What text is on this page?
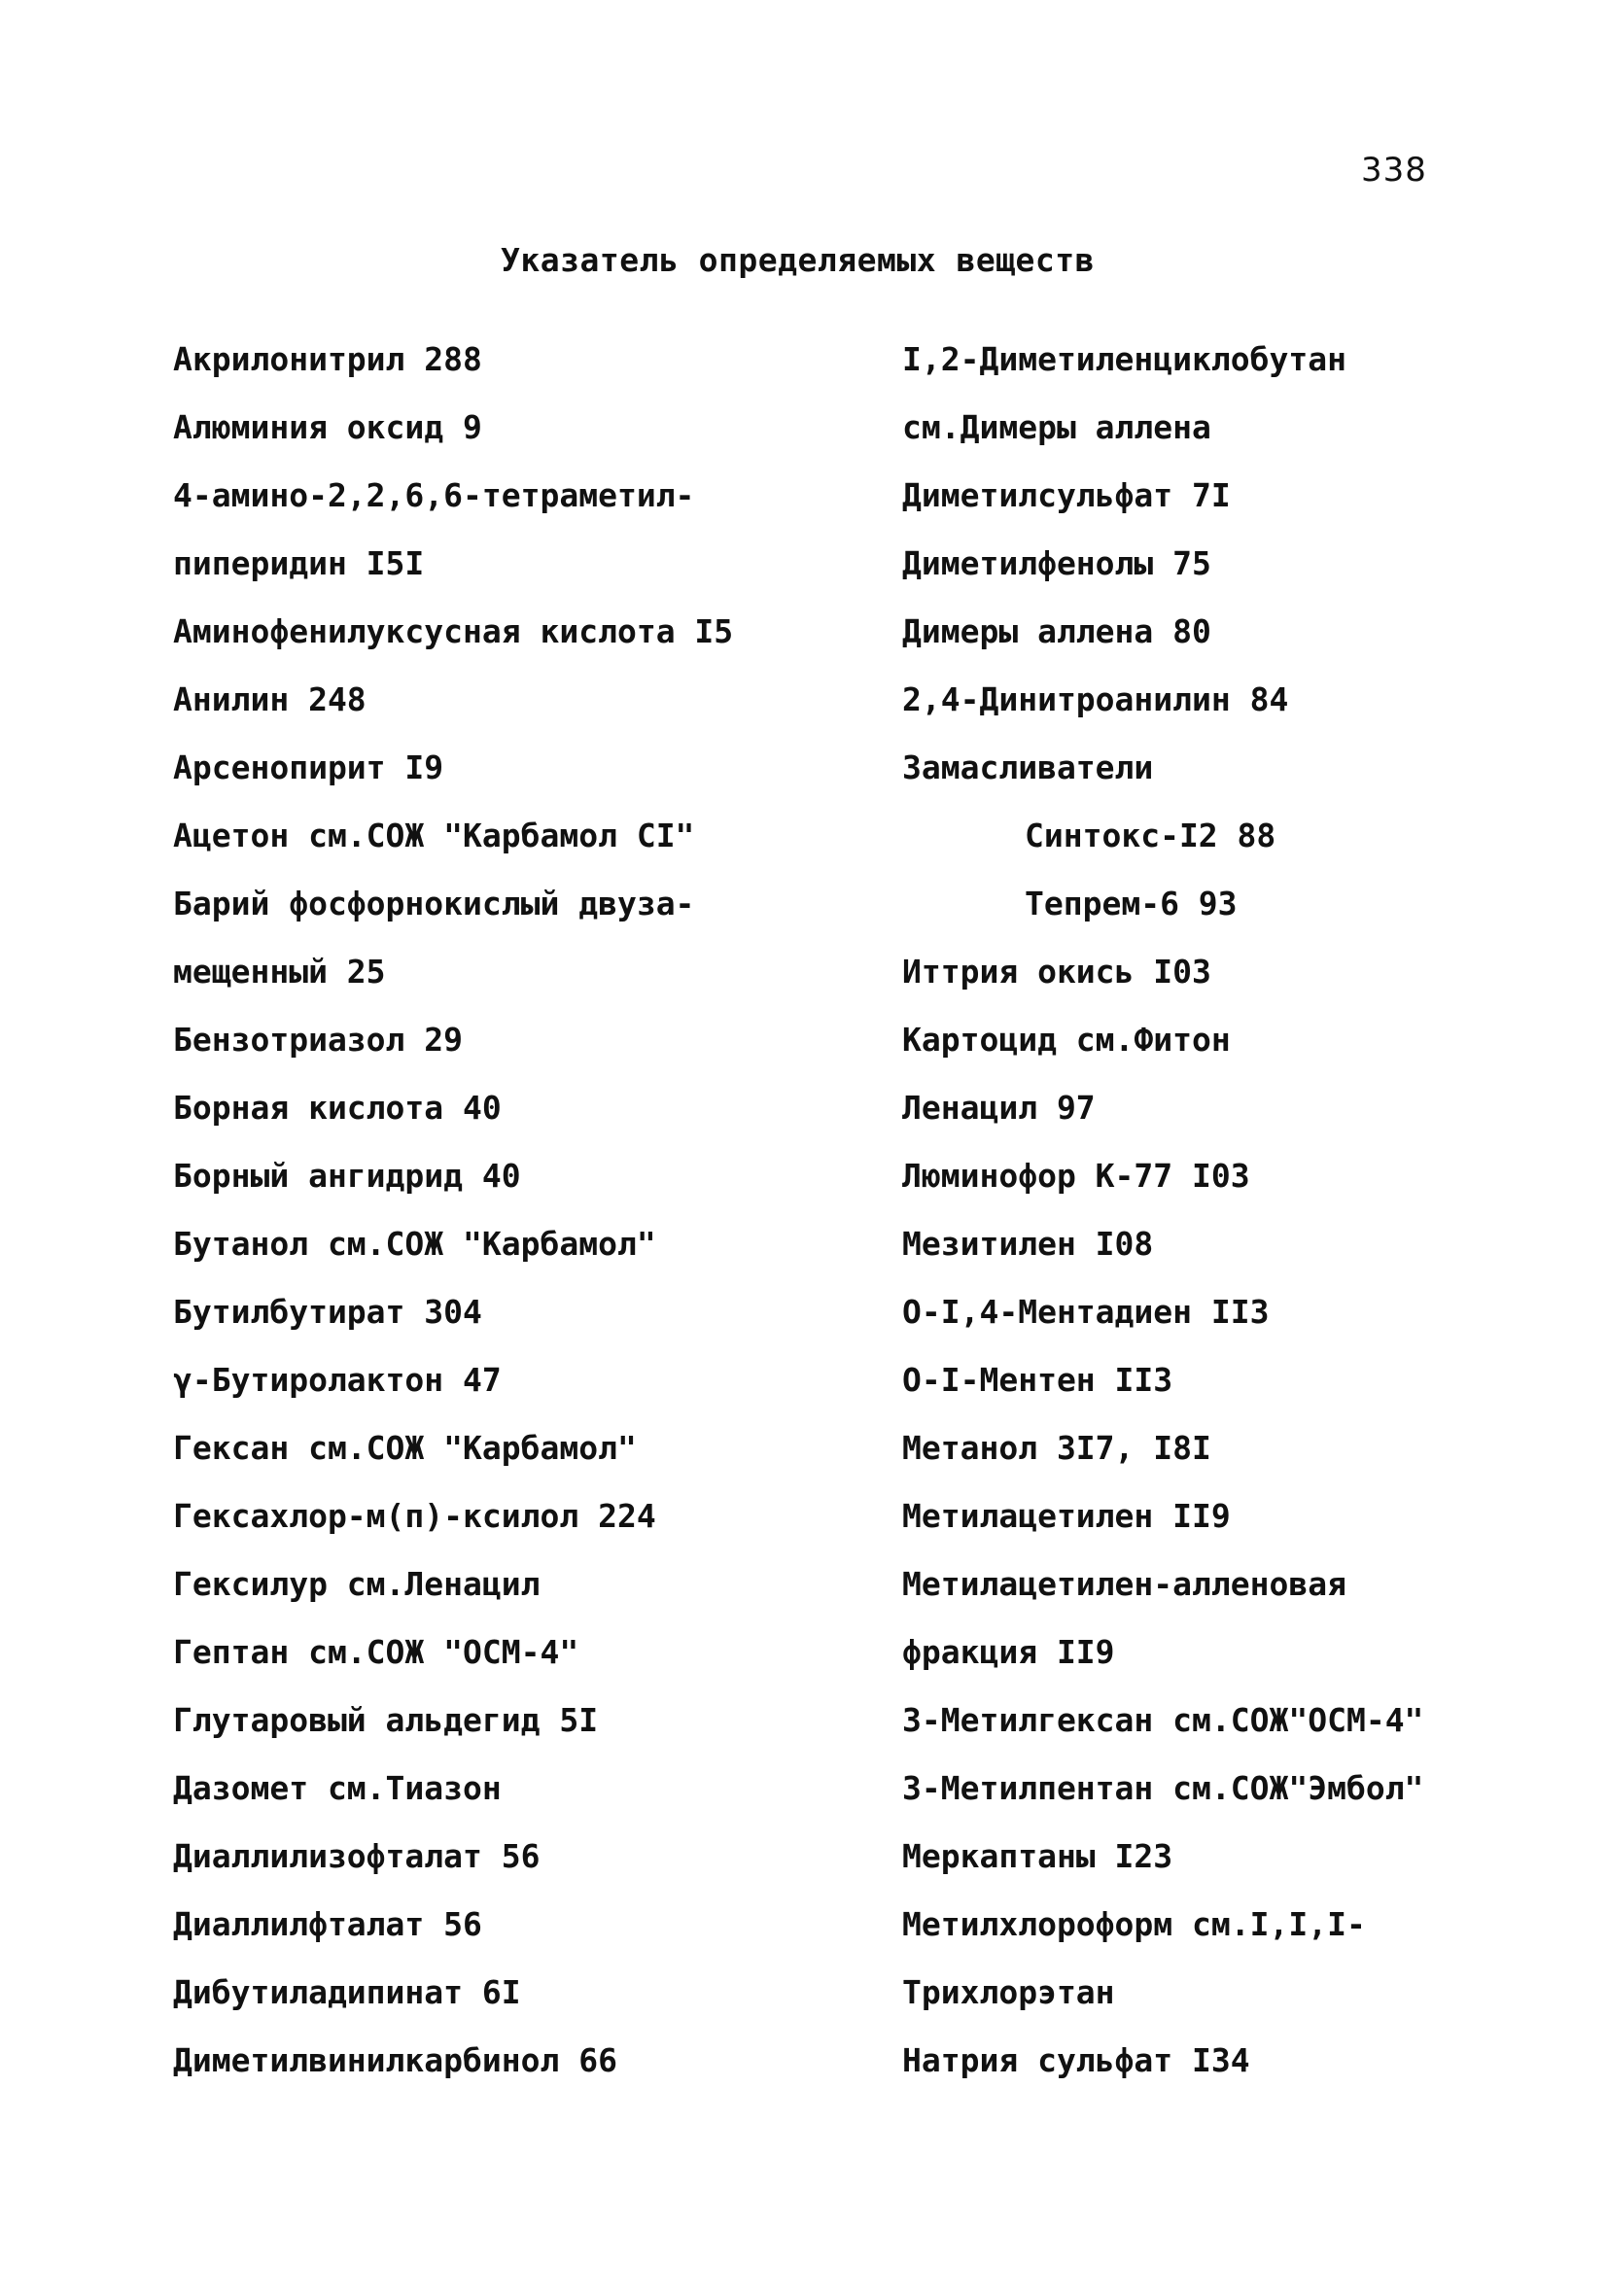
338
Указатель определяемых веществ
Акрилонитрил 288
Алюминия оксид 9
4-амино-2,2,6,6-тетраметил-
пиперидин I5I
Аминофенилуксусная кислота I5
Анилин 248
Арсенопирит I9
Ацетон см.СОЖ "Карбамол CI"
Барий фосфорнокислый двуза-
мещенный 25
Бензотриазол 29
Борная кислота 40
Борный ангидрид 40
Бутанол см.СОЖ "Карбамол"
Бутилбутират 304
γ-Бутиролактон 47
Гексан см.СОЖ "Карбамол"
Гексахлор-м(п)-ксилол 224
Гексилур см.Ленацил
Гептан см.СОЖ "ОСМ-4"
Глутаровый альдегид 5I
Дазомет см.Тиазон
Диаллилизофталат 56
Диаллилфталат 56
Дибутиладипинат 6I
Диметилвинилкарбинол 66
I,2-Диметиленциклобутан
см.Димеры аллена
Диметилсульфат 7I
Диметилфенолы 75
Димеры аллена 80
2,4-Динитроанилин 84
Замасливатели
Синтокс-I2 88
Тепрем-6 93
Иттрия окись I03
Картоцид см.Фитон
Ленацил 97
Люминофор К-77 I03
Мезитилен I08
О-I,4-Ментадиен II3
О-I-Ментен II3
Метанол 3I7, I8I
Метилацетилен II9
Метилацетилен-алленовая
фракция II9
3-Метилгексан см.СОЖ"ОСМ-4"
3-Метилпентан см.СОЖ"Эмбол"
Меркаптаны I23
Метилхлороформ см.I,I,I-
Трихлорэтан
Натрия сульфат I34
